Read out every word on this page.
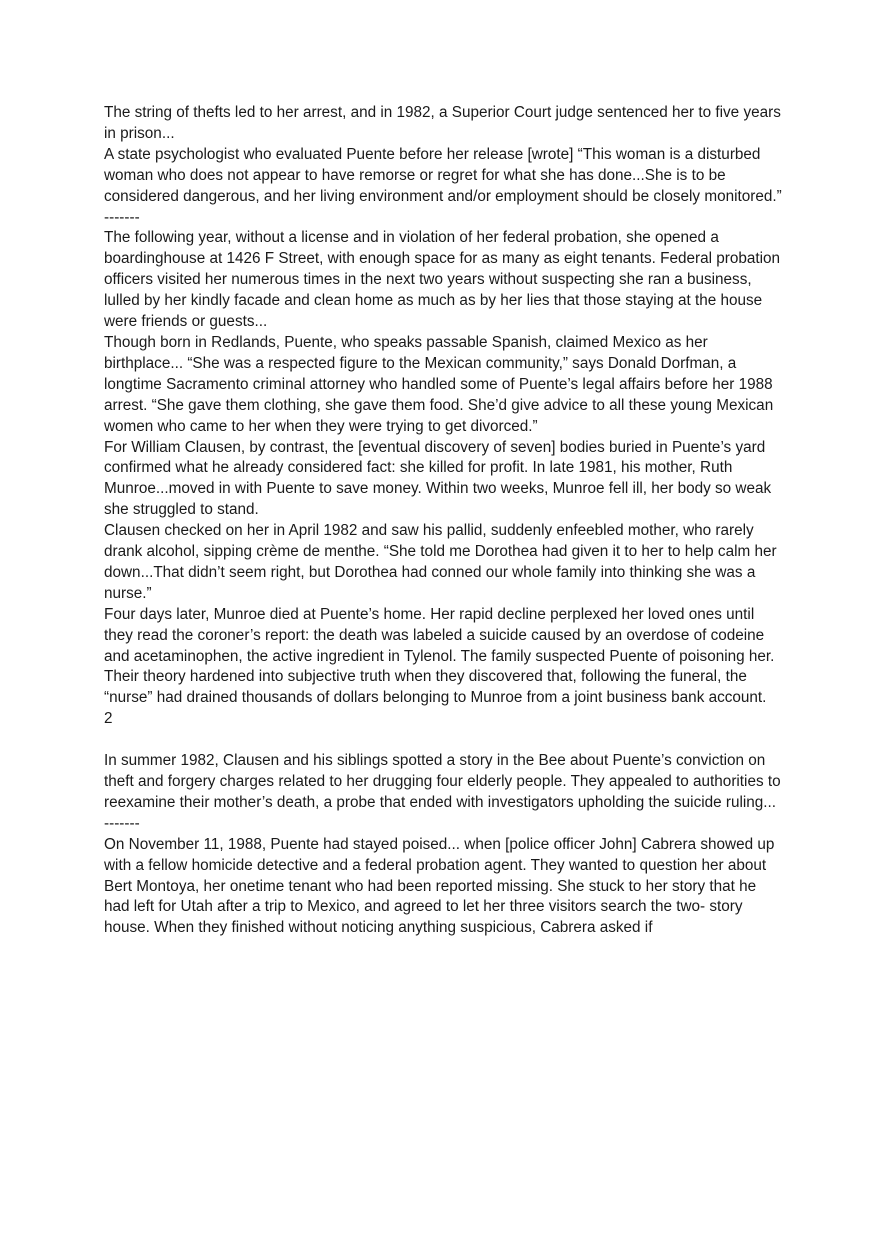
The string of thefts led to her arrest, and in 1982, a Superior Court judge sentenced her to five years in prison...

A state psychologist who evaluated Puente before her release [wrote] “This woman is a disturbed woman who does not appear to have remorse or regret for what she has done...She is to be considered dangerous, and her living environment and/or employment should be closely monitored.”

-------

The following year, without a license and in violation of her federal probation, she opened a boardinghouse at 1426 F Street, with enough space for as many as eight tenants. Federal probation officers visited her numerous times in the next two years without suspecting she ran a business, lulled by her kindly facade and clean home as much as by her lies that those staying at the house were friends or guests...

Though born in Redlands, Puente, who speaks passable Spanish, claimed Mexico as her birthplace... “She was a respected figure to the Mexican community,” says Donald Dorfman, a longtime Sacramento criminal attorney who handled some of Puente’s legal affairs before her 1988 arrest. “She gave them clothing, she gave them food. She’d give advice to all these young Mexican women who came to her when they were trying to get divorced.”

For William Clausen, by contrast, the [eventual discovery of seven] bodies buried in Puente’s yard confirmed what he already considered fact: she killed for profit. In late 1981, his mother, Ruth Munroe...moved in with Puente to save money. Within two weeks, Munroe fell ill, her body so weak she struggled to stand.

Clausen checked on her in April 1982 and saw his pallid, suddenly enfeebled mother, who rarely drank alcohol, sipping crème de menthe. “She told me Dorothea had given it to her to help calm her down...That didn’t seem right, but Dorothea had conned our whole family into thinking she was a nurse.”

Four days later, Munroe died at Puente’s home. Her rapid decline perplexed her loved ones until they read the coroner’s report: the death was labeled a suicide caused by an overdose of codeine and acetaminophen, the active ingredient in Tylenol. The family suspected Puente of poisoning her. Their theory hardened into subjective truth when they discovered that, following the funeral, the “nurse” had drained thousands of dollars belonging to Munroe from a joint business bank account.

2

In summer 1982, Clausen and his siblings spotted a story in the Bee about Puente’s conviction on theft and forgery charges related to her drugging four elderly people. They appealed to authorities to reexamine their mother’s death, a probe that ended with investigators upholding the suicide ruling...

-------

On November 11, 1988, Puente had stayed poised... when [police officer John] Cabrera showed up with a fellow homicide detective and a federal probation agent. They wanted to question her about Bert Montoya, her onetime tenant who had been reported missing. She stuck to her story that he had left for Utah after a trip to Mexico, and agreed to let her three visitors search the two- story house. When they finished without noticing anything suspicious, Cabrera asked if
